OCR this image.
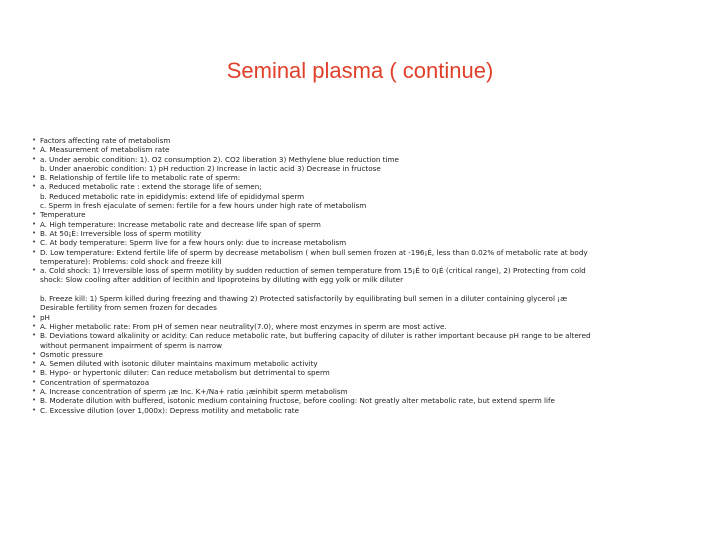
Seminal plasma ( continue)
• Factors affecting rate of metabolism
• A. Measurement of metabolism rate
• a. Under aerobic condition: 1). O2 consumption 2). CO2 liberation 3) Methylene blue reduction time
b. Under anaerobic condition: 1) pH reduction 2) Increase in lactic acid 3) Decrease in fructose
• B. Relationship of fertile life to metabolic rate of sperm:
• a. Reduced metabolic rate : extend the storage life of semen;
b. Reduced metabolic rate in epididymis: extend life of epididymal sperm
c. Sperm in fresh ejaculate of semen: fertile for a few hours under high rate of metabolism
• Temperature
• A. High temperature: Increase metabolic rate and decrease life span of sperm
• B. At 50¡É: Irreversible loss of sperm motility
• C. At body temperature: Sperm live for a few hours only: due to increase metabolism
• D. Low temperature: Extend fertile life of sperm by decrease metabolism ( when bull semen frozen at -196¡É, less than 0.02% of metabolic rate at body
temperature): Problems: cold shock and freeze kill
• a. Cold shock: 1) Irreversible loss of sperm motility by sudden reduction of semen temperature from 15¡É to 0¡É (critical range), 2) Protecting from cold
shock: Slow cooling after addition of lecithin and lipoproteins by diluting with egg yolk or milk diluter
b. Freeze kill: 1) Sperm killed during freezing and thawing 2) Protected satisfactorily by equilibrating bull semen in a diluter containing glycerol ¡æ
Desirable fertility from semen frozen for decades
• pH
• A. Higher metabolic rate: From pH of semen near neutrality(7.0), where most enzymes in sperm are most active.
• B. Deviations toward alkalinity or acidity: Can reduce metabolic rate, but buffering capacity of diluter is rather important because pH range to be altered
without permanent impairment of sperm is narrow
• Osmotic pressure
• A. Semen diluted with isotonic diluter maintains maximum metabolic activity
• B. Hypo- or hypertonic diluter: Can reduce metabolism but detrimental to sperm
• Concentration of spermatozoa
• A. Increase concentration of sperm ¡æ Inc. K+/Na+ ratio ¡æinhibit sperm metabolism
• B. Moderate dilution with buffered, isotonic medium containing fructose, before cooling: Not greatly alter metabolic rate, but extend sperm life
• C. Excessive dilution (over 1,000x): Depress motility and metabolic rate
